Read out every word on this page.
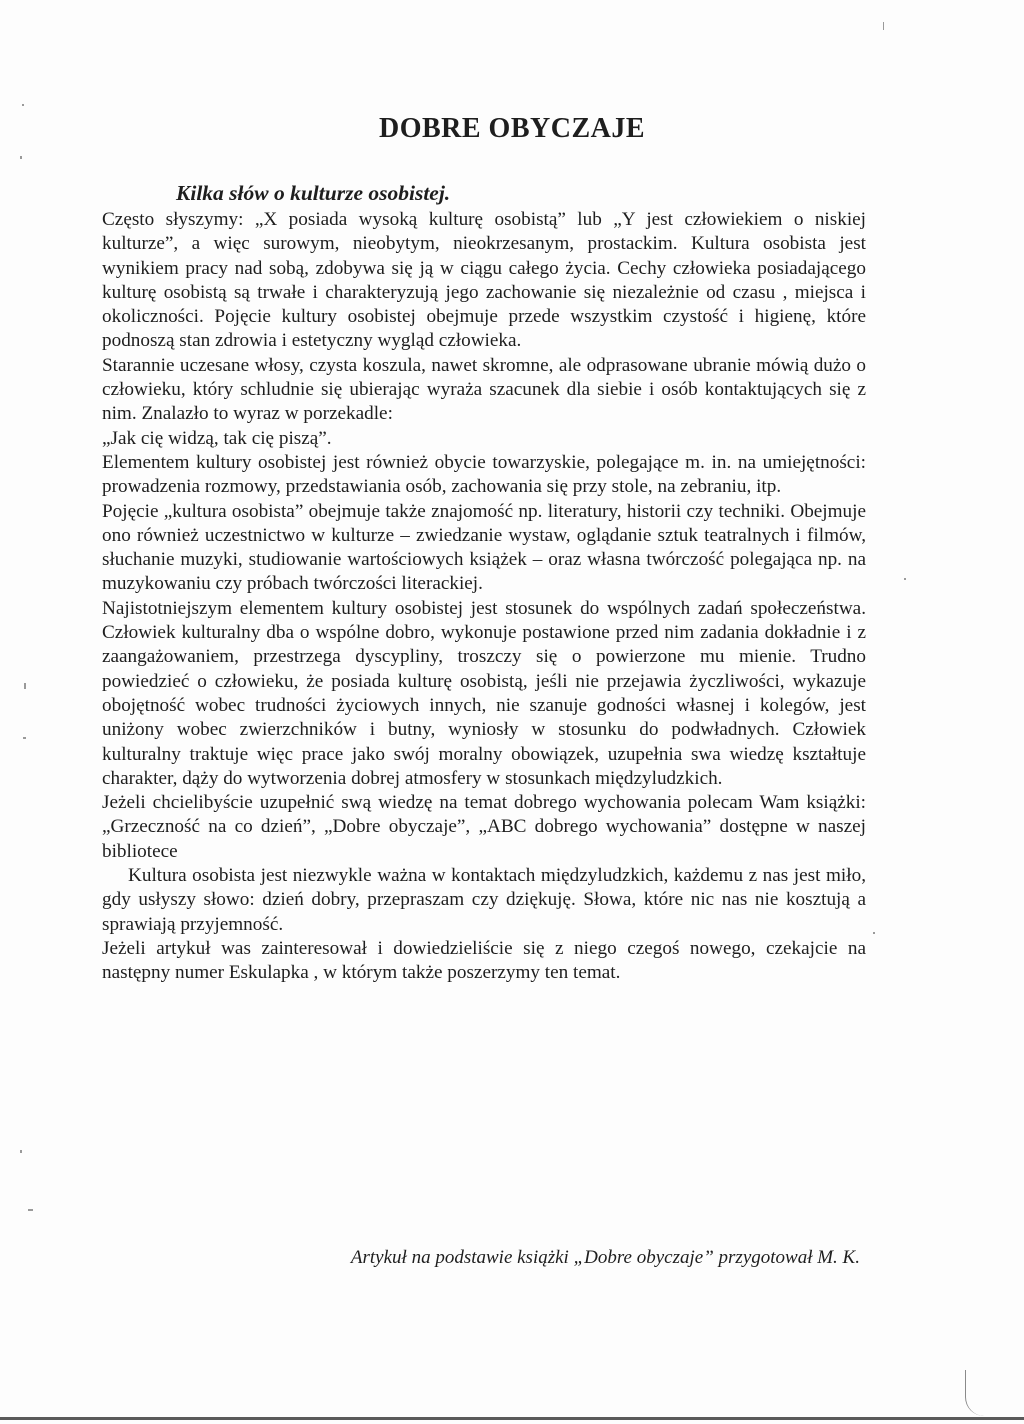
DOBRE OBYCZAJE
Kilka słów o kulturze osobistej.

Często słyszymy: „X posiada wysoką kulturę osobistą” lub „Y jest człowiekiem o niskiej kulturze”, a więc surowym, nieobytym, nieokrzesanym, prostackim. Kultura osobista jest wynikiem pracy nad sobą, zdobywa się ją w ciągu całego życia. Cechy człowieka posiadającego kulturę osobistą są trwałe i charakteryzują jego zachowanie się niezależnie od czasu , miejsca i okoliczności. Pojęcie kultury osobistej obejmuje przede wszystkim czystość i higienę, które podnoszą stan zdrowia i estetyczny wygląd człowieka.

Starannie uczesane włosy, czysta koszula, nawet skromne, ale odprasowane ubranie mówią dużo o człowieku, który schludnie się ubierając wyraża szacunek dla siebie i osób kontaktujących się z nim. Znalazło to wyraz w porzekadle:

„Jak cię widzą, tak cię piszą”.

Elementem kultury osobistej jest również obycie towarzyskie, polegające m. in. na umiejętności: prowadzenia rozmowy, przedstawiania osób, zachowania się przy stole, na zebraniu, itp.

Pojęcie „kultura osobista” obejmuje także znajomość np. literatury, historii czy techniki. Obejmuje ono również uczestnictwo w kulturze – zwiedzanie wystaw, oglądanie sztuk teatralnych i filmów, słuchanie muzyki, studiowanie wartościowych książek – oraz własna twórczość polegająca np. na muzykowaniu czy próbach twórczości literackiej.

Najistotniejszym elementem kultury osobistej jest stosunek do wspólnych zadań społeczeństwa. Człowiek kulturalny dba o wspólne dobro, wykonuje postawione przed nim zadania dokładnie i z zaangażowaniem, przestrzega dyscypliny, troszczy się o powierzone mu mienie. Trudno powiedzieć o człowieku, że posiada kulturę osobistą, jeśli nie przejawia życzliwości, wykazuje obojętność wobec trudności życiowych innych, nie szanuje godności własnej i kolegów, jest uniżony wobec zwierzchników i butny, wyniosły w stosunku do podwładnych. Człowiek kulturalny traktuje więc prace jako swój moralny obowiązek, uzupełnia swa wiedzę kształtuje charakter, dąży do wytworzenia dobrej atmosfery w stosunkach międzyludzkich.

Jeżeli chcielibyście uzupełnić swą wiedzę na temat dobrego wychowania polecam Wam książki: „Grzeczność na co dzień”, „Dobre obyczaje”, „ABC dobrego wychowania” dostępne w naszej bibliotece

Kultura osobista jest niezwykle ważna w kontaktach międzyludzkich, każdemu z nas jest miło, gdy usłyszy słowo: dzień dobry, przepraszam czy dziękuję. Słowa, które nic nas nie kosztują a sprawiają przyjemność.

Jeżeli artykuł was zainteresował i dowiedzieliście się z niego czegoś nowego, czekajcie na następny numer Eskulapka , w którym także poszerzymy ten temat.

Artykuł na podstawie książki „Dobre obyczaje” przygotował M. K.
